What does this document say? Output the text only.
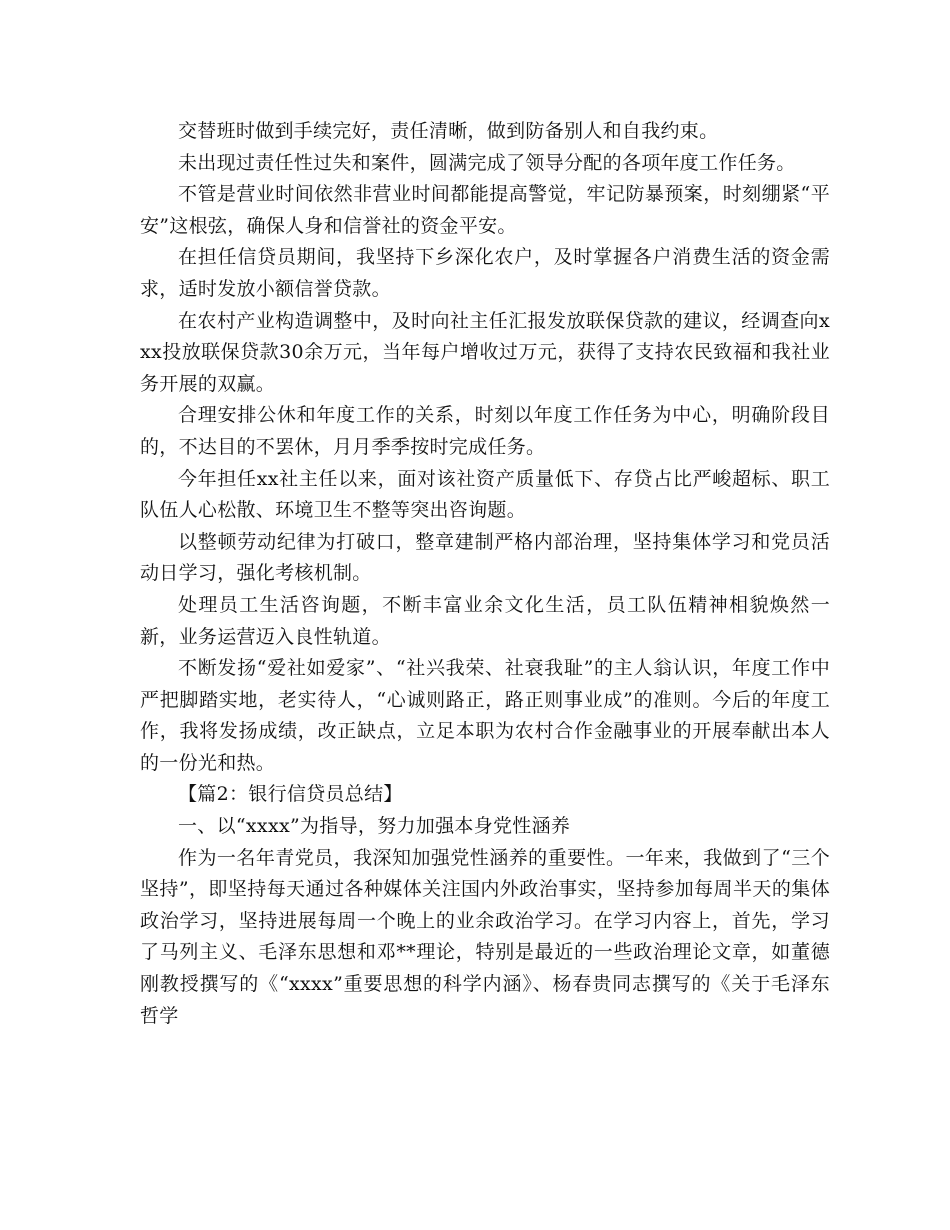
交替班时做到手续完好，责任清晰，做到防备别人和自我约束。

未出现过责任性过失和案件，圆满完成了领导分配的各项年度工作任务。

不管是营业时间依然非营业时间都能提高警觉，牢记防暴预案，时刻绷紧“平安”这根弦，确保人身和信誉社的资金平安。

在担任信贷员期间，我坚持下乡深化农户，及时掌握各户消费生活的资金需求，适时发放小额信誉贷款。

在农村产业构造调整中，及时向社主任汇报发放联保贷款的建议，经调查向xxx投放联保贷款30余万元，当年每户增收过万元，获得了支持农民致福和我社业务开展的双赢。

合理安排公休和年度工作的关系，时刻以年度工作任务为中心，明确阶段目的，不达目的不罢休，月月季季按时完成任务。

今年担任xx社主任以来，面对该社资产质量低下、存贷占比严峻超标、职工队伍人心松散、环境卫生不整等突出咨询题。

以整顿劳动纪律为打破口，整章建制严格内部治理，坚持集体学习和党员活动日学习，强化考核机制。

处理员工生活咨询题，不断丰富业余文化生活，员工队伍精神相貌焕然一新，业务运营迈入良性轨道。

不断发扬“爱社如爱家”、“社兴我荣、社衰我耻”的主人翁认识，年度工作中严把脚踏实地，老实待人，“心诚则路正，路正则事业成”的准则。今后的年度工作，我将发扬成绩，改正缺点，立足本职为农村合作金融事业的开展奉献出本人的一份光和热。

【篇2：银行信贷员总结】

一、以“xxxx”为指导，努力加强本身党性涵养

作为一名年青党员，我深知加强党性涵养的重要性。一年来，我做到了“三个坚持”，即坚持每天通过各种媒体关注国内外政治事实，坚持参加每周半天的集体政治学习，坚持进展每周一个晚上的业余政治学习。在学习内容上，首先，学习了马列主义、毛泽东思想和邓**理论，特别是最近的一些政治理论文章，如董德刚教授撰写的《“xxxx”重要思想的科学内涵》、杨春贵同志撰写的《关于毛泽东哲学
